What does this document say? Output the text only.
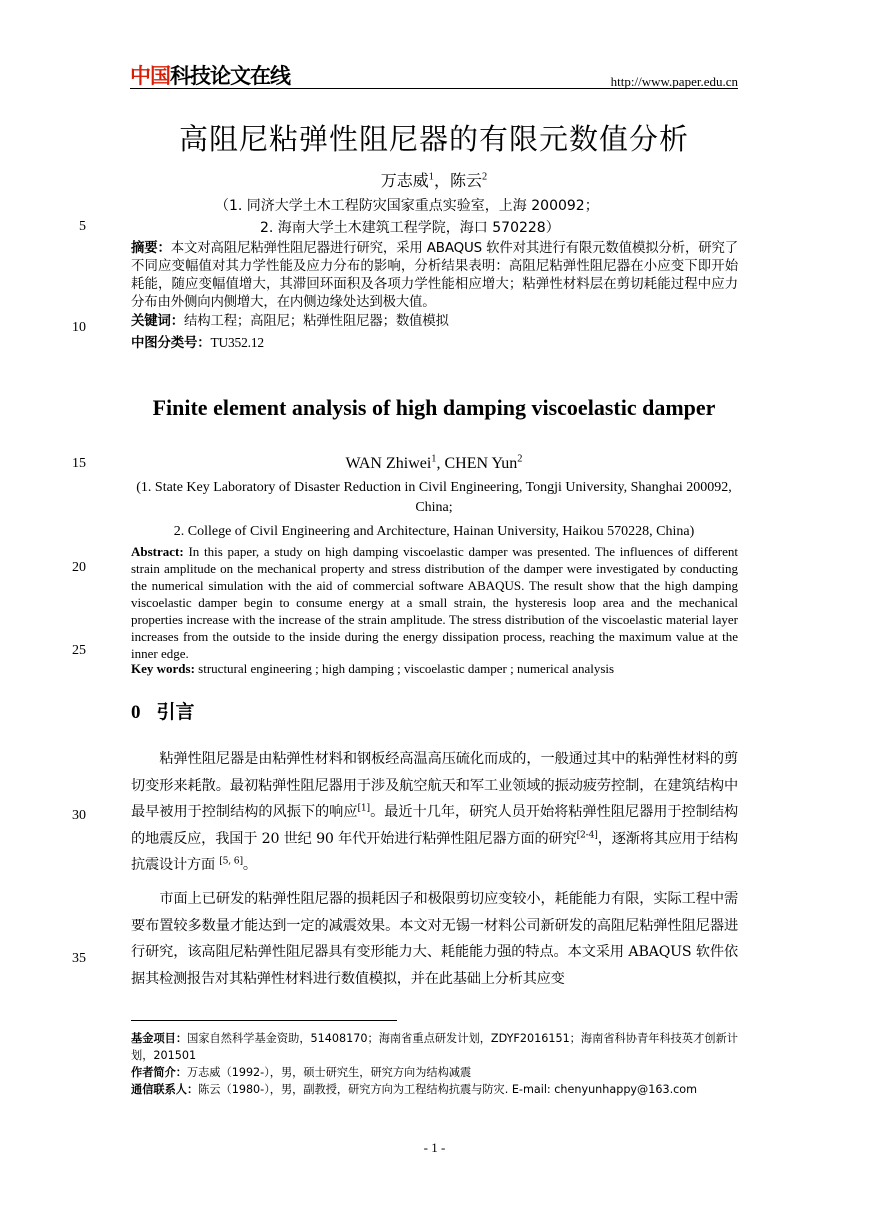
中国科技论文在线	http://www.paper.edu.cn
5
10
15
20
25
30
35
高阻尼粘弹性阻尼器的有限元数值分析
万志威$^1$，陈云$^2$
（1. 同济大学土木工程防灾国家重点实验室，上海 200092；
2. 海南大学土木建筑工程学院，海口 570228）
摘要：本文对高阻尼粘弹性阻尼器进行研究，采用 ABAQUS 软件对其进行有限元数值模拟分析，研究了不同应变幅值对其力学性能及应力分布的影响，分析结果表明：高阻尼粘弹性阻尼器在小应变下即开始耗能，随应变幅值增大，其滞回环面积及各项力学性能相应增大；粘弹性材料层在剪切耗能过程中应力分布由外侧向内侧增大，在内侧边缘处达到极大值。
关键词：结构工程；高阻尼；粘弹性阻尼器；数值模拟
中图分类号：TU352.12
Finite element analysis of high damping viscoelastic damper
WAN Zhiwei$^1$, CHEN Yun$^2$
(1. State Key Laboratory of Disaster Reduction in Civil Engineering, Tongji University, Shanghai 200092, China;
2. College of Civil Engineering and Architecture, Hainan University, Haikou 570228, China)
Abstract: In this paper, a study on high damping viscoelastic damper was presented. The influences of different strain amplitude on the mechanical property and stress distribution of the damper were investigated by conducting the numerical simulation with the aid of commercial software ABAQUS. The result show that the high damping viscoelastic damper begin to consume energy at a small strain, the hysteresis loop area and the mechanical properties increase with the increase of the strain amplitude. The stress distribution of the viscoelastic material layer increases from the outside to the inside during the energy dissipation process, reaching the maximum value at the inner edge.
Key words: structural engineering ; high damping ; viscoelastic damper ; numerical analysis
0 引言
粘弹性阻尼器是由粘弹性材料和钢板经高温高压硫化而成的，一般通过其中的粘弹性材料的剪切变形来耗散。最初粘弹性阻尼器用于涉及航空航天和军工业领域的振动疲劳控制，在建筑结构中最早被用于控制结构的风振下的响应[1]。最近十几年，研究人员开始将粘弹性阻尼器用于控制结构的地震反应，我国于 20 世纪 90 年代开始进行粘弹性阻尼器方面的研究[2-4]，逐渐将其应用于结构抗震设计方面 [5, 6]。
市面上已研发的粘弹性阻尼器的损耗因子和极限剪切应变较小，耗能能力有限，实际工程中需要布置较多数量才能达到一定的减震效果。本文对无锡一材料公司新研发的高阻尼粘弹性阻尼器进行研究，该高阻尼粘弹性阻尼器具有变形能力大、耗能能力强的特点。本文采用 ABAQUS 软件依据其检测报告对其粘弹性材料进行数值模拟，并在此基础上分析其应变
基金项目：国家自然科学基金资助，51408170；海南省重点研发计划，ZDYF2016151；海南省科协青年科技英才创新计划，201501
作者简介：万志威（1992-），男，硕士研究生，研究方向为结构减震
通信联系人：陈云（1980-），男，副教授，研究方向为工程结构抗震与防灾. E-mail: chenyunhappy@163.com
- 1 -
